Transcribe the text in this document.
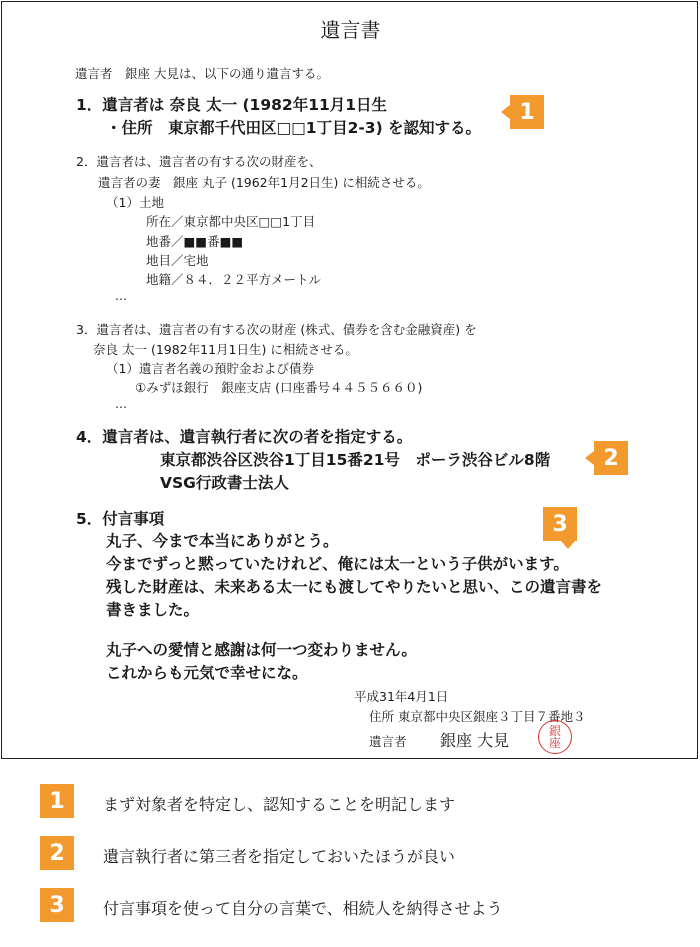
遺言書
遺言者　銀座 大見は、以下の通り遺言する。
1．遺言者は 奈良 太一 (1982年11月1日生
・住所　東京都千代田区□□1丁目2-3) を認知する。
1
2．遺言者は、遺言者の有する次の財産を、
遺言者の妻　銀座 丸子 (1962年1月2日生) に相続させる。
（1）土地
所在／東京都中央区□□1丁目
地番／■■番■■
地目／宅地
地籍／８４．２２平方メートル
…
3．遺言者は、遺言者の有する次の財産 (株式、債券を含む金融資産) を
奈良 太一 (1982年11月1日生) に相続させる。
（1）遺言者名義の預貯金および債券
①みずほ銀行　銀座支店 (口座番号４４５５６６０)
…
4．遺言者は、遺言執行者に次の者を指定する。
東京都渋谷区渋谷1丁目15番21号　ポーラ渋谷ビル8階
VSG行政書士法人
2
5．付言事項	3
丸子、今まで本当にありがとう。
今までずっと黙っていたけれど、俺には太一という子供がいます。
残した財産は、未来ある太一にも渡してやりたいと思い、この遺言書を
書きました。
丸子への愛情と感謝は何一つ変わりません。
これからも元気で幸せにな。
平成31年4月1日
住所 東京都中央区銀座３丁目７番地３
遺言者 銀座 大見	銀
座
1	まず対象者を特定し、認知することを明記します
2	遺言執行者に第三者を指定しておいたほうが良い
3	付言事項を使って自分の言葉で、相続人を納得させよう
